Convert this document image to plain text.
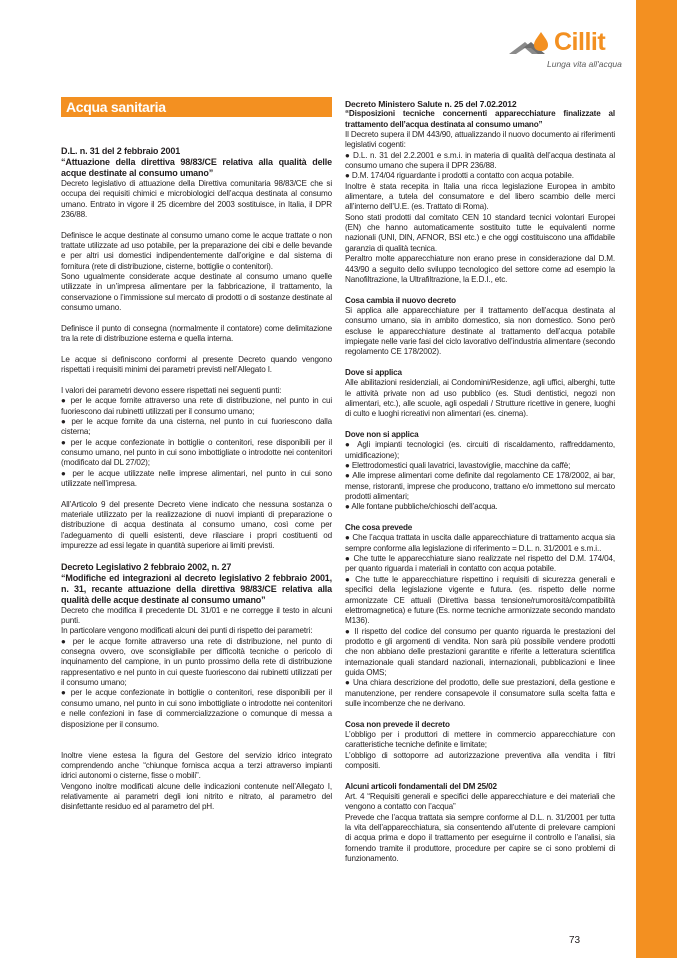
Cillit
Lunga vita all'acqua
Acqua sanitaria

D.L. n. 31 del 2 febbraio 2001

“Attuazione della direttiva 98/83/CE relativa alla qualità delle acque destinate al consumo umano”

Decreto legislativo di attuazione della Direttiva comunitaria 98/83/CE che si occupa dei requisiti chimici e microbiologici dell’acqua destinata al consumo umano. Entrato in vigore il 25 dicembre del 2003 sostituisce, in Italia, il DPR 236/88.

Definisce le acque destinate al consumo umano come le acque trattate o non trattate utilizzate ad uso potabile, per la preparazione dei cibi e delle bevande e per altri usi domestici indipendentemente dall’origine e dal sistema di fornitura (rete di distribuzione, cisterne, bottiglie o contenitori).

Sono ugualmente considerate acque destinate al consumo umano quelle utilizzate in un’impresa alimentare per la fabbricazione, il trattamento, la conservazione o l’immissione sul mercato di prodotti o di sostanze destinate al consumo umano.

Definisce il punto di consegna (normalmente il contatore) come delimitazione tra la rete di distribuzione esterna e quella interna.

Le acque si definiscono conformi al presente Decreto quando vengono rispettati i requisiti minimi dei parametri previsti nell’Allegato I.

I valori dei parametri devono essere rispettati nei seguenti punti:

● per le acque fornite attraverso una rete di distribuzione, nel punto in cui fuoriescono dai rubinetti utilizzati per il consumo umano;

● per le acque fornite da una cisterna, nel punto in cui fuoriescono dalla cisterna;

● per le acque confezionate in bottiglie o contenitori, rese disponibili per il consumo umano, nel punto in cui sono imbottigliate o introdotte nei contenitori (modificato dal DL 27/02);

● per le acque utilizzate nelle imprese alimentari, nel punto in cui sono utilizzate nell’impresa.

All’Articolo 9 del presente Decreto viene indicato che nessuna sostanza o materiale utilizzato per la realizzazione di nuovi impianti di preparazione o distribuzione di acqua destinata al consumo umano, così come per l’adeguamento di quelli esistenti, deve rilasciare i propri costituenti od impurezze ad essi legate in quantità superiore ai limiti previsti.

Decreto Legislativo 2 febbraio 2002, n. 27

“Modifiche ed integrazioni al decreto legislativo 2 febbraio 2001, n. 31, recante attuazione della direttiva 98/83/CE relativa alla qualità delle acque destinate al consumo umano”

Decreto che modifica il precedente DL 31/01 e ne corregge il testo in alcuni punti.

In particolare vengono modificati alcuni dei punti di rispetto dei parametri:

● per le acque fornite attraverso una rete di distribuzione, nel punto di consegna ovvero, ove sconsigliabile per difficoltà tecniche o pericolo di inquinamento del campione, in un punto prossimo della rete di distribuzione rappresentativo e nel punto in cui queste fuoriescono dai rubinetti utilizzati per il consumo umano;

● per le acque confezionate in bottiglie o contenitori, rese disponibili per il consumo umano, nel punto in cui sono imbottigliate o introdotte nei contenitori e nelle confezioni in fase di commercializzazione o comunque di messa a disposizione per il consumo.

Inoltre viene estesa la figura del Gestore del servizio idrico integrato comprendendo anche “chiunque fornisca acqua a terzi attraverso impianti idrici autonomi o cisterne, fisse o mobili”.

Vengono inoltre modificati alcune delle indicazioni contenute nell’Allegato I, relativamente ai parametri degli ioni nitrito e nitrato, al parametro del disinfettante residuo ed al parametro del pH.

Decreto Ministero Salute n. 25 del 7.02.2012

“Disposizioni tecniche concernenti apparecchiature finalizzate al trattamento dell’acqua destinata al consumo umano”

Il Decreto supera il DM 443/90, attualizzando il nuovo documento ai riferimenti legislativi cogenti:

● D.L. n. 31 del 2.2.2001 e s.m.i. in materia di qualità dell’acqua destinata al consumo umano che supera il DPR 236/88.

● D.M. 174/04 riguardante i prodotti a contatto con acqua potabile.

Inoltre è stata recepita in Italia una ricca legislazione Europea in ambito alimentare, a tutela del consumatore e del libero scambio delle merci all’interno dell’U.E. (es. Trattato di Roma).

Sono stati prodotti dal comitato CEN 10 standard tecnici volontari Europei (EN) che hanno automaticamente sostituito tutte le equivalenti norme nazionali (UNI, DIN, AFNOR, BSI etc.) e che oggi costituiscono una affidabile garanzia di qualità tecnica.

Peraltro molte apparecchiature non erano prese in considerazione dal D.M. 443/90 a seguito dello sviluppo tecnologico del settore come ad esempio la Nanofiltrazione, la Ultrafiltrazione, la E.D.I., etc.

Cosa cambia il nuovo decreto

Si applica alle apparecchiature per il trattamento dell’acqua destinata al consumo umano, sia in ambito domestico, sia non domestico. Sono però escluse le apparecchiature destinate al trattamento dell’acqua potabile impiegate nelle varie fasi del ciclo lavorativo dell’industria alimentare (secondo regolamento CE 178/2002).

Dove si applica

Alle abilitazioni residenziali, ai Condomini/Residenze, agli uffici, alberghi, tutte le attività private non ad uso pubblico (es. Studi dentistici, negozi non alimentari, etc.), alle scuole, agli ospedali / Strutture ricettive in genere, luoghi di culto e luoghi ricreativi non alimentari (es. cinema).

Dove non si applica

● Agli impianti tecnologici (es. circuiti di riscaldamento, raffreddamento, umidificazione);

● Elettrodomestici quali lavatrici, lavastoviglie, macchine da caffè;

● Alle imprese alimentari come definite dal regolamento CE 178/2002, ai bar, mense, ristoranti, imprese che producono, trattano e/o immettono sul mercato prodotti alimentari;

● Alle fontane pubbliche/chioschi dell’acqua.

Che cosa prevede

● Che l’acqua trattata in uscita dalle apparecchiature di trattamento acqua sia sempre conforme alla legislazione di riferimento = D.L. n. 31/2001 e s.m.i..

● Che tutte le apparecchiature siano realizzate nel rispetto del D.M. 174/04, per quanto riguarda i materiali in contatto con acqua potabile.

● Che tutte le apparecchiature rispettino i requisiti di sicurezza generali e specifici della legislazione vigente e futura. (es. rispetto delle norme armonizzate CE attuali (Direttiva bassa tensione/rumorosità/compatibilità elettromagnetica) e future (Es. norme tecniche armonizzate secondo mandato M136).

● Il rispetto del codice del consumo per quanto riguarda le prestazioni del prodotto e gli argomenti di vendita. Non sarà più possibile vendere prodotti che non abbiano delle prestazioni garantite e riferite a letteratura scientifica internazionale quali standard nazionali, internazionali, pubblicazioni e linee guida OMS;

● Una chiara descrizione del prodotto, delle sue prestazioni, della gestione e manutenzione, per rendere consapevole il consumatore sulla scelta fatta e sulle incombenze che ne derivano.

Cosa non prevede il decreto

L’obbligo per i produttori di mettere in commercio apparecchiature con caratteristiche tecniche definite e limitate;

L’obbligo di sottoporre ad autorizzazione preventiva alla vendita i filtri compositi.

Alcuni articoli fondamentali del DM 25/02

Art. 4 “Requisiti generali e specifici delle apparecchiature e dei materiali che vengono a contatto con l’acqua”

Prevede che l’acqua trattata sia sempre conforme al D.L. n. 31/2001 per tutta la vita dell’apparecchiatura, sia consentendo all’utente di prelevare campioni di acqua prima e dopo il trattamento per eseguirne il controllo e l’analisi, sia fornendo tramite il produttore, procedure per capire se ci sono problemi di funzionamento.

73
